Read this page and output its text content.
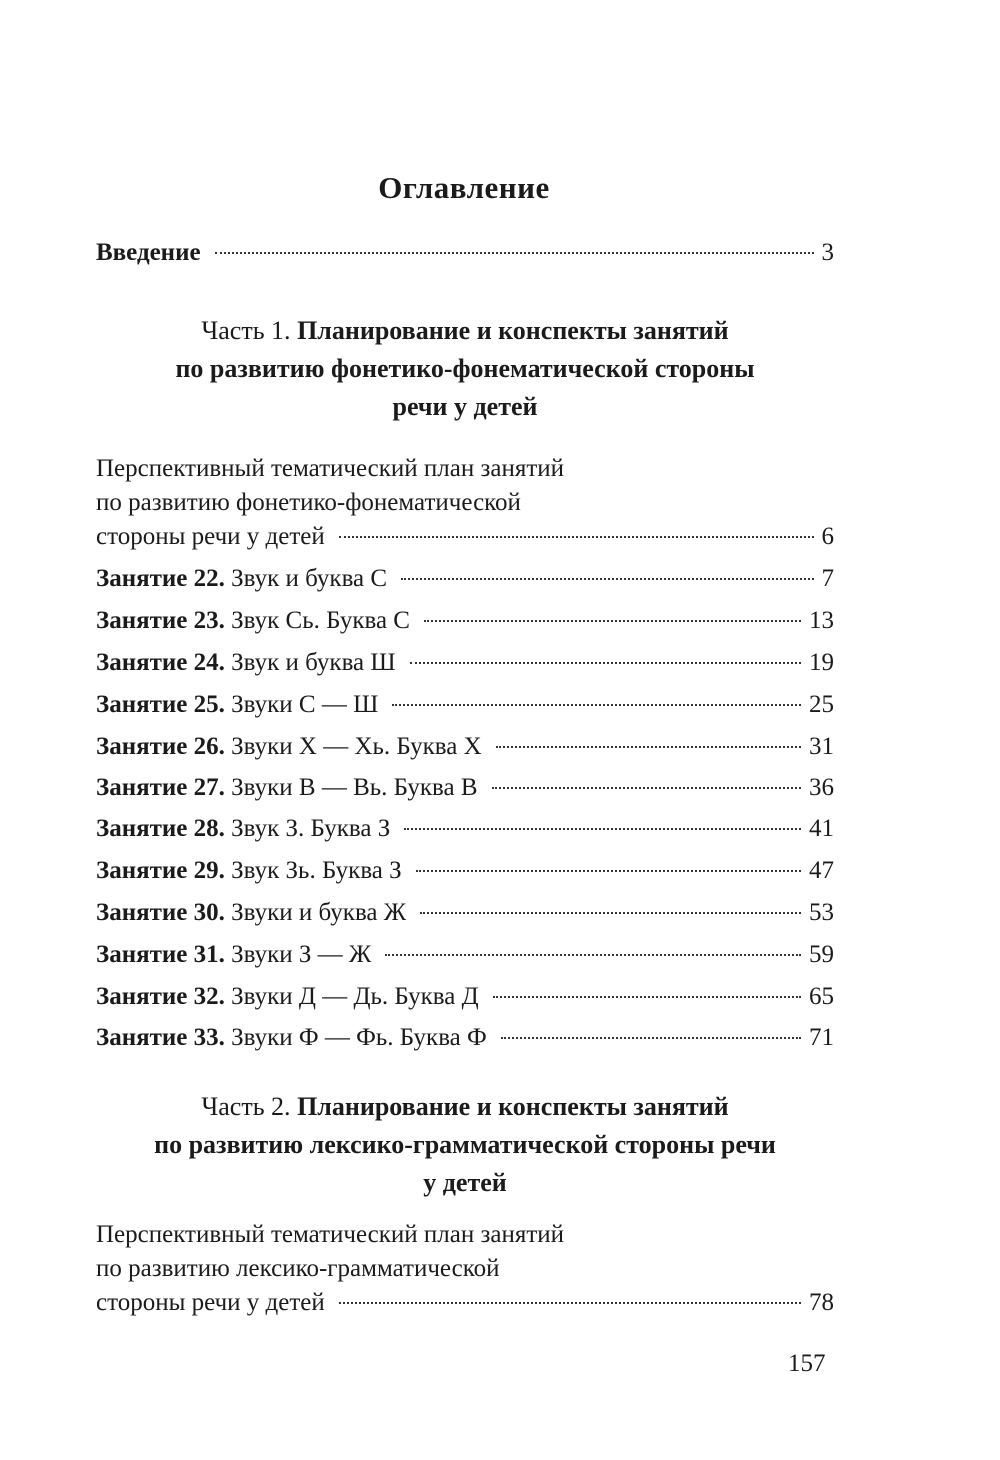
Оглавление
Введение	3
Часть 1. Планирование и конспекты занятий
по развитию фонетико-фонематической стороны
речи у детей
Перспективный тематический план занятий
по развитию фонетико-фонематической
стороны речи у детей	6
Занятие 22. Звук и буква С	7
Занятие 23. Звук Сь. Буква С	13
Занятие 24. Звук и буква Ш	19
Занятие 25. Звуки С — Ш	25
Занятие 26. Звуки Х — Хь. Буква Х	31
Занятие 27. Звуки В — Вь. Буква В	36
Занятие 28. Звук З. Буква З	41
Занятие 29. Звук Зь. Буква З	47
Занятие 30. Звуки и буква Ж	53
Занятие 31. Звуки З — Ж	59
Занятие 32. Звуки Д — Дь. Буква Д	65
Занятие 33. Звуки Ф — Фь. Буква Ф	71
Часть 2. Планирование и конспекты занятий
по развитию лексико-грамматической стороны речи
у детей
Перспективный тематический план занятий
по развитию лексико-грамматической
стороны речи у детей	78
157
